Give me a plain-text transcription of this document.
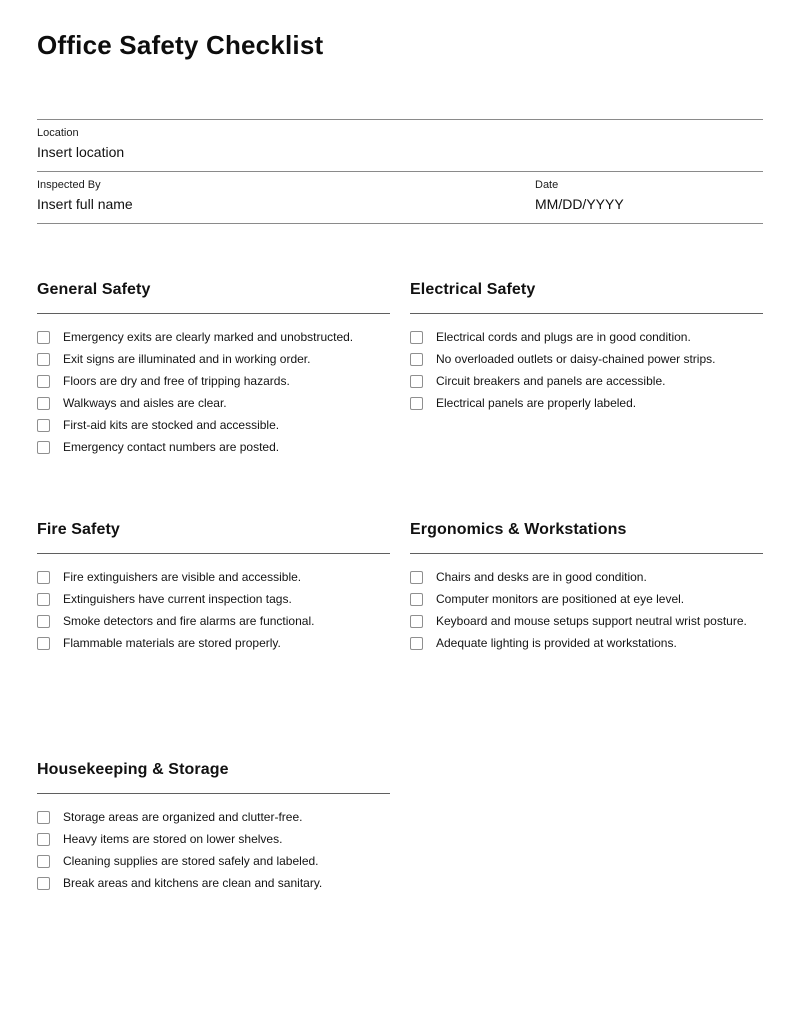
Office Safety Checklist
Location
Insert location
Inspected By
Insert full name
Date
MM/DD/YYYY
General Safety
Emergency exits are clearly marked and unobstructed.
Exit signs are illuminated and in working order.
Floors are dry and free of tripping hazards.
Walkways and aisles are clear.
First-aid kits are stocked and accessible.
Emergency contact numbers are posted.
Electrical Safety
Electrical cords and plugs are in good condition.
No overloaded outlets or daisy-chained power strips.
Circuit breakers and panels are accessible.
Electrical panels are properly labeled.
Fire Safety
Fire extinguishers are visible and accessible.
Extinguishers have current inspection tags.
Smoke detectors and fire alarms are functional.
Flammable materials are stored properly.
Ergonomics & Workstations
Chairs and desks are in good condition.
Computer monitors are positioned at eye level.
Keyboard and mouse setups support neutral wrist posture.
Adequate lighting is provided at workstations.
Housekeeping & Storage
Storage areas are organized and clutter-free.
Heavy items are stored on lower shelves.
Cleaning supplies are stored safely and labeled.
Break areas and kitchens are clean and sanitary.
